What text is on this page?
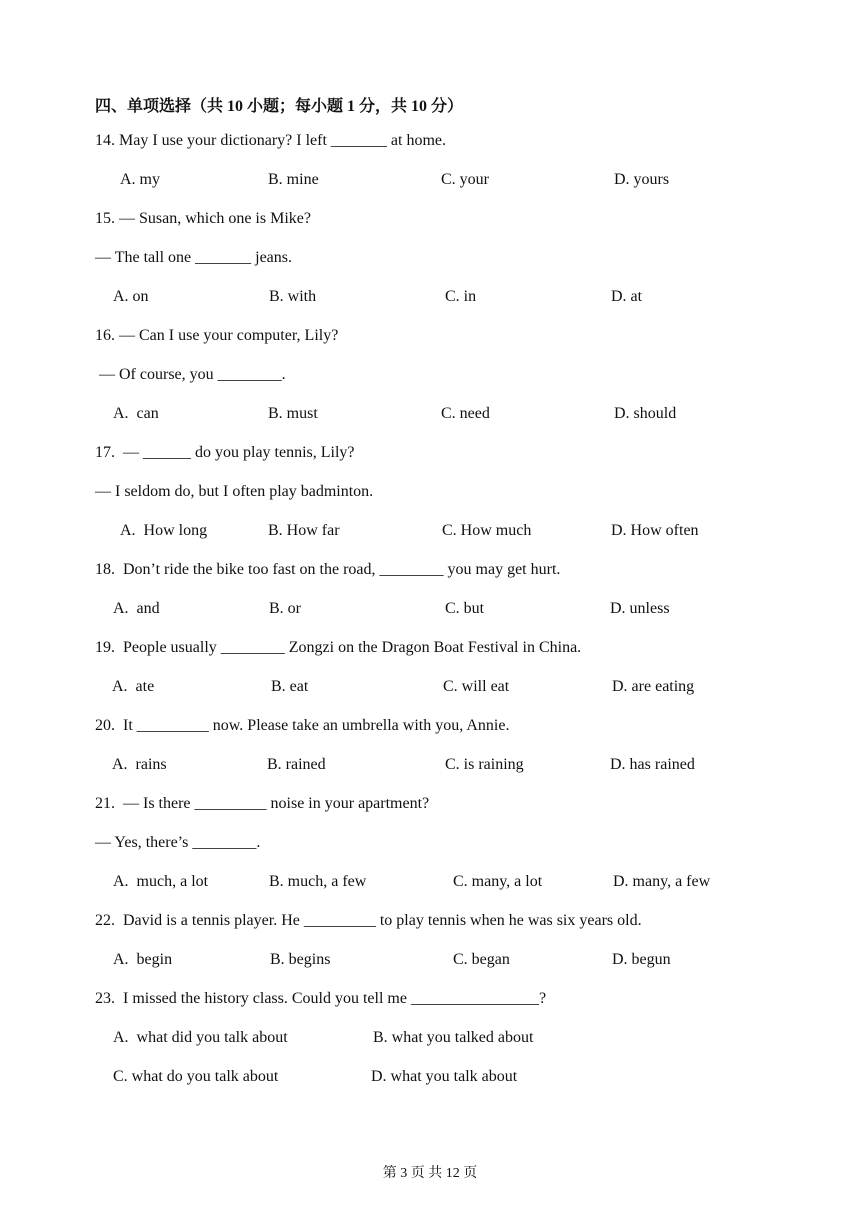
四、单项选择（共 10 小题；每小题 1 分，共 10 分）
14. May I use your dictionary? I left _______ at home.
A. my	B. mine	C. your	D. yours
15. — Susan, which one is Mike?
— The tall one _______ jeans.
A. on	B. with	C. in	D. at
16. — Can I use your computer, Lily?
— Of course, you ________.
A.  can	B. must	C. need	D. should
17.  — ______ do you play tennis, Lily?
— I seldom do, but I often play badminton.
A.  How long	B. How far	C. How much	D. How often
18.  Don’t ride the bike too fast on the road, ________ you may get hurt.
A.  and	B. or	C. but	D. unless
19.  People usually ________ Zongzi on the Dragon Boat Festival in China.
A.  ate	B. eat	C. will eat	D. are eating
20.  It _________ now. Please take an umbrella with you, Annie.
A.  rains	B. rained	C. is raining	D. has rained
21.  — Is there _________ noise in your apartment?
— Yes, there’s ________.
A.  much, a lot	B. much, a few	C. many, a lot	D. many, a few
22.  David is a tennis player. He _________ to play tennis when he was six years old.
A.  begin	B. begins	C. began	D. begun
23.  I missed the history class. Could you tell me ________________?
A.  what did you talk about	B. what you talked about
C. what do you talk about	D. what you talk about
第 3 页 共 12 页
